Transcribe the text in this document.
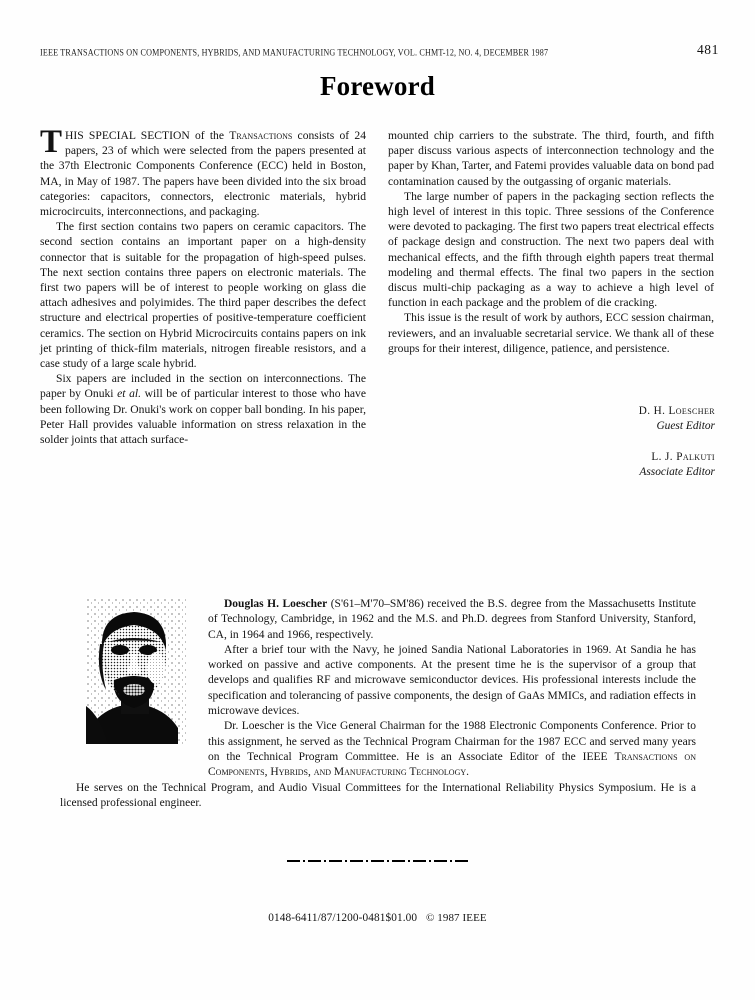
IEEE TRANSACTIONS ON COMPONENTS, HYBRIDS, AND MANUFACTURING TECHNOLOGY, VOL. CHMT-12, NO. 4, DECEMBER 1987	481
Foreword

THIS SPECIAL SECTION of the Transactions consists of 24 papers, 23 of which were selected from the papers presented at the 37th Electronic Components Conference (ECC) held in Boston, MA, in May of 1987. The papers have been divided into the six broad categories: capacitors, connectors, electronic materials, hybrid microcircuits, interconnections, and packaging.

The first section contains two papers on ceramic capacitors. The second section contains an important paper on a high-density connector that is suitable for the propagation of high-speed pulses. The next section contains three papers on electronic materials. The first two papers will be of interest to people working on glass die attach adhesives and polyimides. The third paper describes the defect structure and electrical properties of positive-temperature coefficient ceramics. The section on Hybrid Microcircuits contains papers on ink jet printing of thick-film materials, nitrogen fireable resistors, and a case study of a large scale hybrid.

Six papers are included in the section on interconnections. The paper by Onuki et al. will be of particular interest to those who have been following Dr. Onuki's work on copper ball bonding. In his paper, Peter Hall provides valuable information on stress relaxation in the solder joints that attach surface-

mounted chip carriers to the substrate. The third, fourth, and fifth paper discuss various aspects of interconnection technology and the paper by Khan, Tarter, and Fatemi provides valuable data on bond pad contamination caused by the outgassing of organic materials.

The large number of papers in the packaging section reflects the high level of interest in this topic. Three sessions of the Conference were devoted to packaging. The first two papers treat electrical effects of package design and construction. The next two papers deal with mechanical effects, and the fifth through eighth papers treat thermal modeling and thermal effects. The final two papers in the section discus multi-chip packaging as a way to achieve a high level of function in each package and the problem of die cracking.

This issue is the result of work by authors, ECC session chairman, reviewers, and an invaluable secretarial service. We thank all of these groups for their interest, diligence, patience, and persistence.

D. H. Loescher
Guest Editor
L. J. Palkuti
Associate Editor

Douglas H. Loescher (S'61–M'70–SM'86) received the B.S. degree from the Massachusetts Institute of Technology, Cambridge, in 1962 and the M.S. and Ph.D. degrees from Stanford University, Stanford, CA, in 1964 and 1966, respectively.

After a brief tour with the Navy, he joined Sandia National Laboratories in 1969. At Sandia he has worked on passive and active components. At the present time he is the supervisor of a group that develops and qualifies RF and microwave semiconductor devices. His professional interests include the specification and tolerancing of passive components, the design of GaAs MMICs, and radiation effects in microwave devices.

Dr. Loescher is the Vice General Chairman for the 1988 Electronic Components Conference. Prior to this assignment, he served as the Technical Program Chairman for the 1987 ECC and served many years on the Technical Program Committee. He is an Associate Editor of the IEEE Transactions on Components, Hybrids, and Manufacturing Technology.

He serves on the Technical Program, and Audio Visual Committees for the International Reliability Physics Symposium. He is a licensed professional engineer.

0148-6411/87/1200-0481$01.00 © 1987 IEEE
